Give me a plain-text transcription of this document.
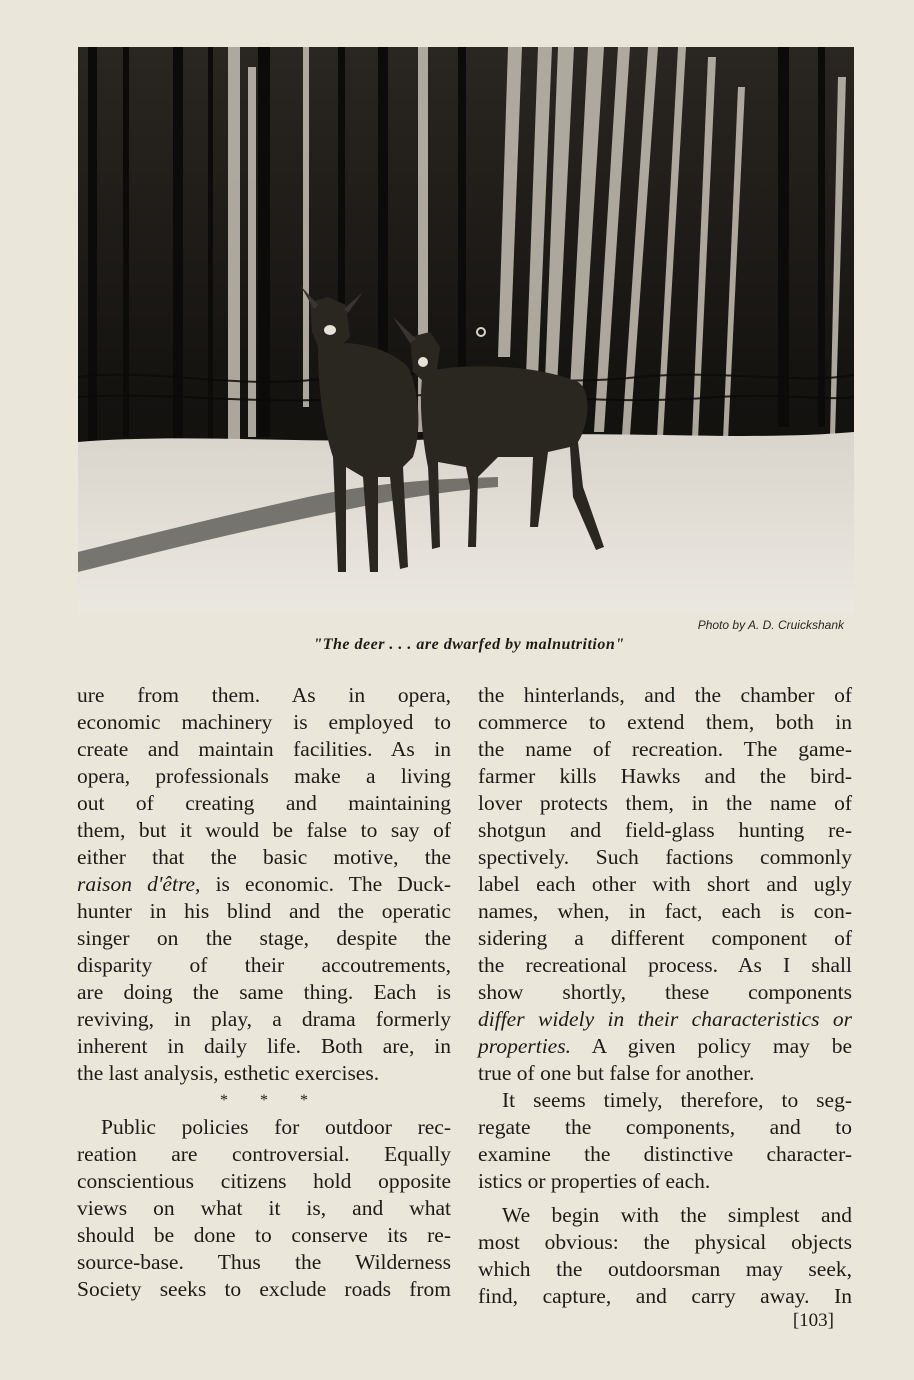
Photo by A. D. Cruickshank
"The deer . . . are dwarfed by malnutrition"
ure from them. As in opera,
economic machinery is employed to
create and maintain facilities. As in
opera, professionals make a living
out of creating and maintaining
them, but it would be false to say of
either that the basic motive, the
raison d'être, is economic. The Duck-
hunter in his blind and the operatic
singer on the stage, despite the
disparity of their accoutrements,
are doing the same thing. Each is
reviving, in play, a drama formerly
inherent in daily life. Both are, in
the last analysis, esthetic exercises.
* * *
Public policies for outdoor rec-
reation are controversial. Equally
conscientious citizens hold opposite
views on what it is, and what
should be done to conserve its re-
source-base. Thus the Wilderness
Society seeks to exclude roads from
the hinterlands, and the chamber of
commerce to extend them, both in
the name of recreation. The game-
farmer kills Hawks and the bird-
lover protects them, in the name of
shotgun and field-glass hunting re-
spectively. Such factions commonly
label each other with short and ugly
names, when, in fact, each is con-
sidering a different component of
the recreational process. As I shall
show shortly, these components
differ widely in their characteristics or
properties. A given policy may be
true of one but false for another.
It seems timely, therefore, to seg-
regate the components, and to
examine the distinctive character-
istics or properties of each.
We begin with the simplest and
most obvious: the physical objects
which the outdoorsman may seek,
find, capture, and carry away. In
[103]
